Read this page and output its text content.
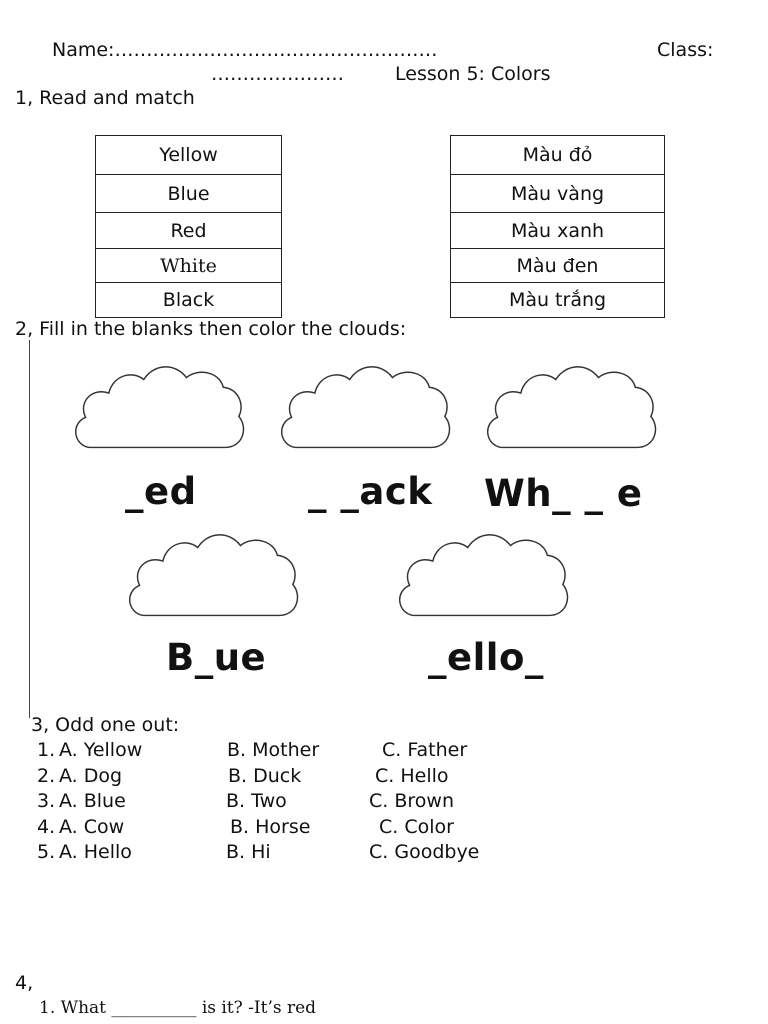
Name:……………………………………………	Class:
…………………	Lesson 5: Colors
1, Read and match
Yellow
Blue
Red
White
Black
Màu đỏ
Màu vàng
Màu xanh
Màu đen
Màu trắng
2, Fill in the blanks then color the clouds:
_ed	_ _ack Wh_ _ e
B_ue	_ello_
3, Odd one out:
1. A. Yellow	B. Mother	C. Father
2. A. Dog	B. Duck	C. Hello
3. A. Blue	B. Two	C. Brown
4. A. Cow	B. Horse	C. Color
5. A. Hello	B. Hi	C. Goodbye
4,
1. What __________ is it? -It’s red
